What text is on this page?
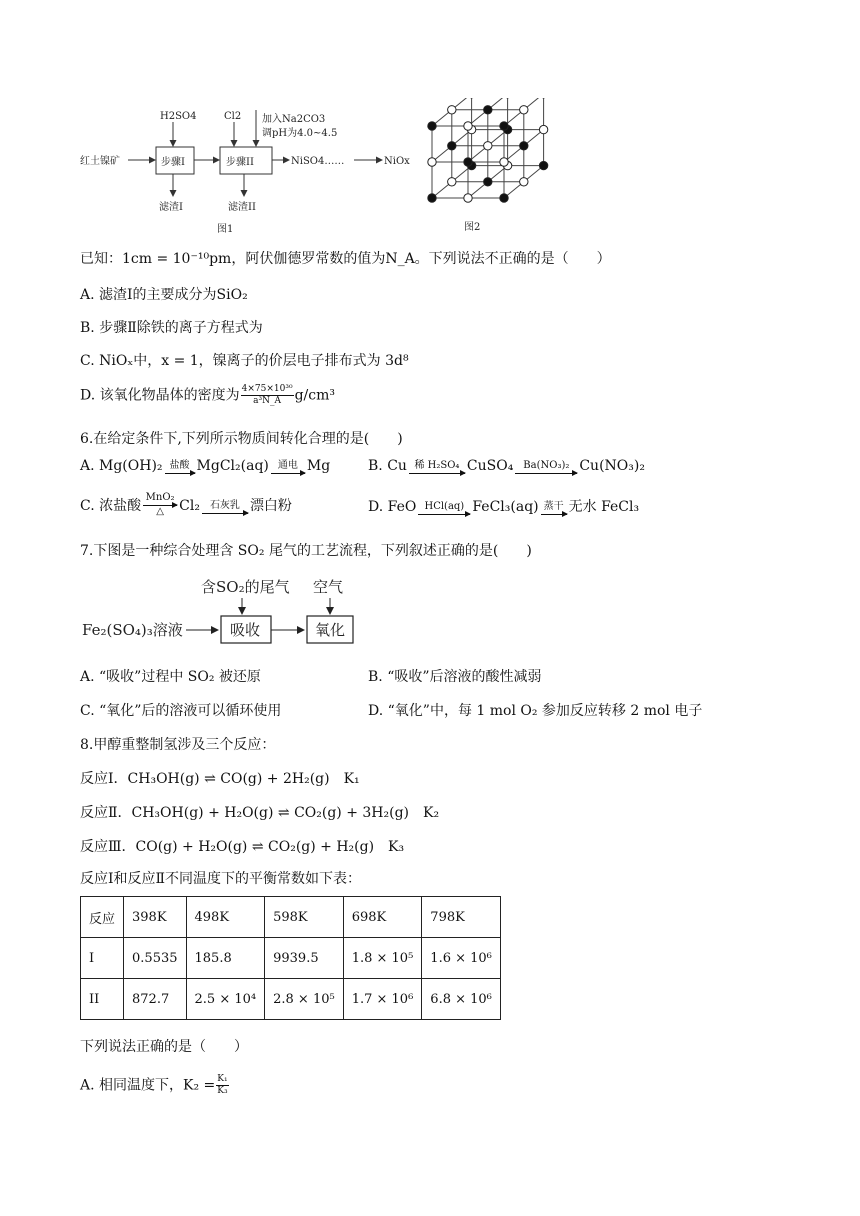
H2SO4	Cl2 加入Na2CO3
调pH为4.0~4.5
红土镍矿	步骤I	步骤II	NiSO4……	NiOx
滤渣I	滤渣II
图1	图2
已知：1cm = 10⁻¹⁰pm，阿伏伽德罗常数的值为N_A。下列说法不正确的是（　　）
A. 滤渣Ⅰ的主要成分为SiO₂
B. 步骤Ⅱ除铁的离子方程式为
C. NiOₓ中，x = 1，镍离子的价层电子排布式为 3d⁸
D. 该氧化物晶体的密度为 $\frac{\text{4×75×10³⁰}}{\text{a³N\_A}} g/cm^3$
6.在给定条件下,下列所示物质间转化合理的是(　　)
A. Mg(OH)₂ 盐酸 MgCl₂(aq) 通电 Mg	B. Cu 稀 H₂SO₄ CuSO₄ Ba(NO₃)₂ Cu(NO₃)₂
C. 浓盐酸MnO₂
△	Cl₂ 石灰乳 漂白粉	D. FeO HCl(aq) FeCl₃(aq) 蒸干 无水 FeCl₃
7.下图是一种综合处理含 SO₂ 尾气的工艺流程，下列叙述正确的是(　　)
含SO₂的尾气 空气
Fe₂(SO₄)₃溶液	吸收	氧化
A. “吸收”过程中 SO₂ 被还原	B. “吸收”后溶液的酸性减弱
C. “氧化”后的溶液可以循环使用	D. “氧化”中，每 1 mol O₂ 参加反应转移 2 mol 电子
8.甲醇重整制氢涉及三个反应：
反应Ⅰ．CH₃OH(g) ⇌ CO(g) + 2H₂(g)　K₁
反应Ⅱ．CH₃OH(g) + H₂O(g) ⇌ CO₂(g) + 3H₂(g)　K₂
反应Ⅲ．CO(g) + H₂O(g) ⇌ CO₂(g) + H₂(g)　K₃
反应Ⅰ和反应Ⅱ不同温度下的平衡常数如下表：
反应	398K	498K	598K	698K	798K
I	0.5535	185.8	9939.5	1.8 × 10⁵	1.6 × 10⁶
II	872.7	2.5 × 10⁴	2.8 × 10⁵	1.7 × 10⁶	6.8 × 10⁶
下列说法正确的是（　　）
A. 相同温度下，$K_2 = \frac{\text{K₁}}{\text{K₃}}$
